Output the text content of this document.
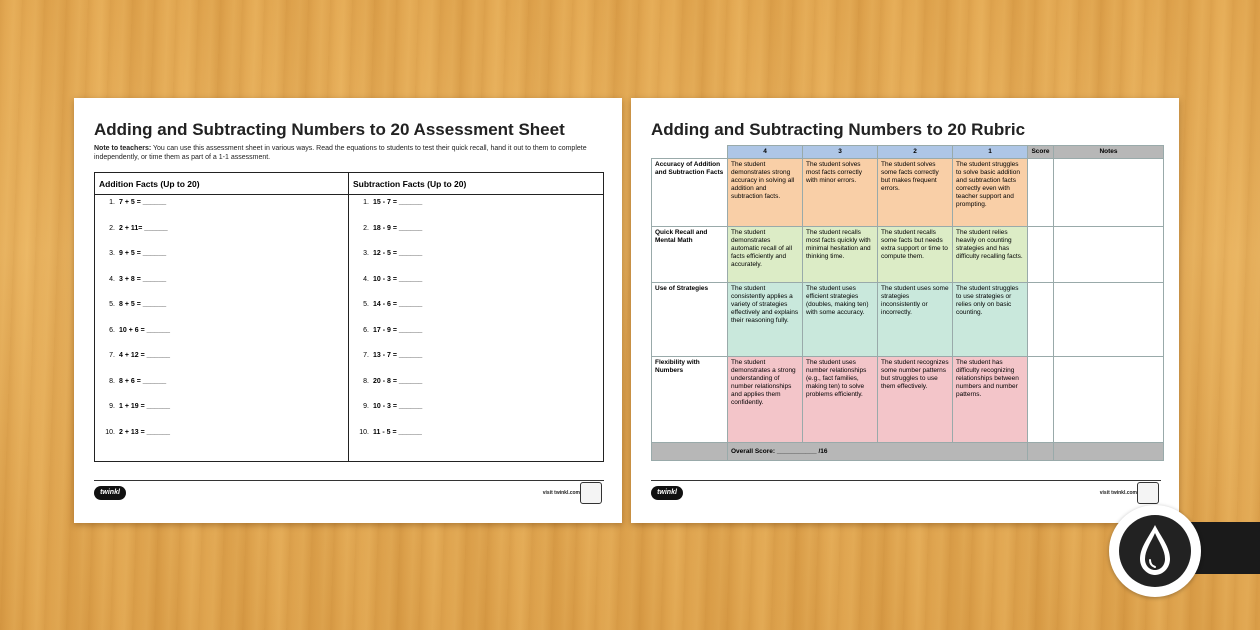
Adding and Subtracting Numbers to 20 Assessment Sheet
Note to teachers: You can use this assessment sheet in various ways. Read the equations to students to test their quick recall, hand it out to them to complete independently, or time them as part of a 1-1 assessment.
Addition Facts (Up to 20)
1. 7 + 5 = ______
2. 2 + 11= ______
3. 9 + 5 = ______
4. 3 + 8 = ______
5. 8 + 5 = ______
6. 10 + 6 = ______
7. 4 + 12 = ______
8. 8 + 6 = ______
9. 1 + 19 = ______
10. 2 + 13 = ______
Subtraction Facts (Up to 20)
1. 15 - 7 = ______
2. 18 - 9 = ______
3. 12 - 5 = ______
4. 10 - 3 = ______
5. 14 - 6 = ______
6. 17 - 9 = ______
7. 13 - 7 = ______
8. 20 - 8 = ______
9. 10 - 3 = ______
10. 11 - 5 = ______
twinkl	visit twinkl.com
Adding and Subtracting Numbers to 20 Rubric
	4	3	2	1	Score	Notes
Accuracy of Addition and Subtraction Facts	The student demonstrates strong accuracy in solving all addition and subtraction facts.	The student solves most facts correctly with minor errors.	The student solves some facts correctly but makes frequent errors.	The student struggles to solve basic addition and subtraction facts correctly even with teacher support and prompting.		
Quick Recall and Mental Math	The student demonstrates automatic recall of all facts efficiently and accurately.	The student recalls most facts quickly with minimal hesitation and thinking time.	The student recalls some facts but needs extra support or time to compute them.	The student relies heavily on counting strategies and has difficulty recalling facts.		
Use of Strategies	The student consistently applies a variety of strategies effectively and explains their reasoning fully.	The student uses efficient strategies (doubles, making ten) with some accuracy.	The student uses some strategies inconsistently or incorrectly.	The student struggles to use strategies or relies only on basic counting.		
Flexibility with Numbers	The student demonstrates a strong understanding of number relationships and applies them confidently.	The student uses number relationships (e.g., fact families, making ten) to solve problems efficiently.	The student recognizes some number patterns but struggles to use them effectively.	The student has difficulty recognizing relationships between numbers and number patterns.		
	Overall Score: ___________ /16					
twinkl	visit twinkl.com
